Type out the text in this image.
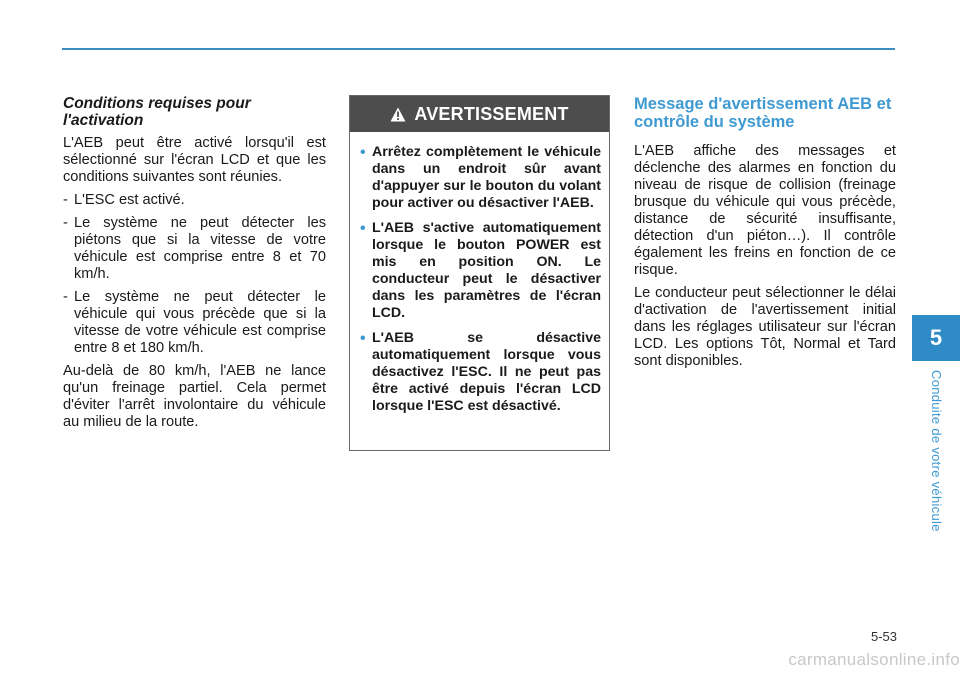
Conditions requises pour l'activation

L'AEB peut être activé lorsqu'il est sélectionné sur l'écran LCD et que les conditions suivantes sont réunies.

- L'ESC est activé.
- Le système ne peut détecter les piétons que si la vitesse de votre véhicule est comprise entre 8 et 70 km/h.
- Le système ne peut détecter le véhicule qui vous précède que si la vitesse de votre véhicule est comprise entre 8 et 180 km/h.

Au-delà de 80 km/h, l'AEB ne lance qu'un freinage partiel. Cela permet d'éviter l'arrêt involontaire du véhicule au milieu de la route.

AVERTISSEMENT
• Arrêtez complètement le véhicule dans un endroit sûr avant d'appuyer sur le bouton du volant pour activer ou désactiver l'AEB.
• L'AEB s'active automatiquement lorsque le bouton POWER est mis en position ON. Le conducteur peut le désactiver dans les paramètres de l'écran LCD.
• L'AEB se désactive automatiquement lorsque vous désactivez l'ESC. Il ne peut pas être activé depuis l'écran LCD lorsque l'ESC est désactivé.
Message d'avertissement AEB et contrôle du système

L'AEB affiche des messages et déclenche des alarmes en fonction du niveau de risque de collision (freinage brusque du véhicule qui vous précède, distance de sécurité insuffisante, détection d'un piéton…). Il contrôle également les freins en fonction de ce risque.

Le conducteur peut sélectionner le délai d'activation de l'avertissement initial dans les réglages utilisateur sur l'écran LCD. Les options Tôt, Normal et Tard sont disponibles.

5
Conduite de votre véhicule
5-53
carmanualsonline.info
